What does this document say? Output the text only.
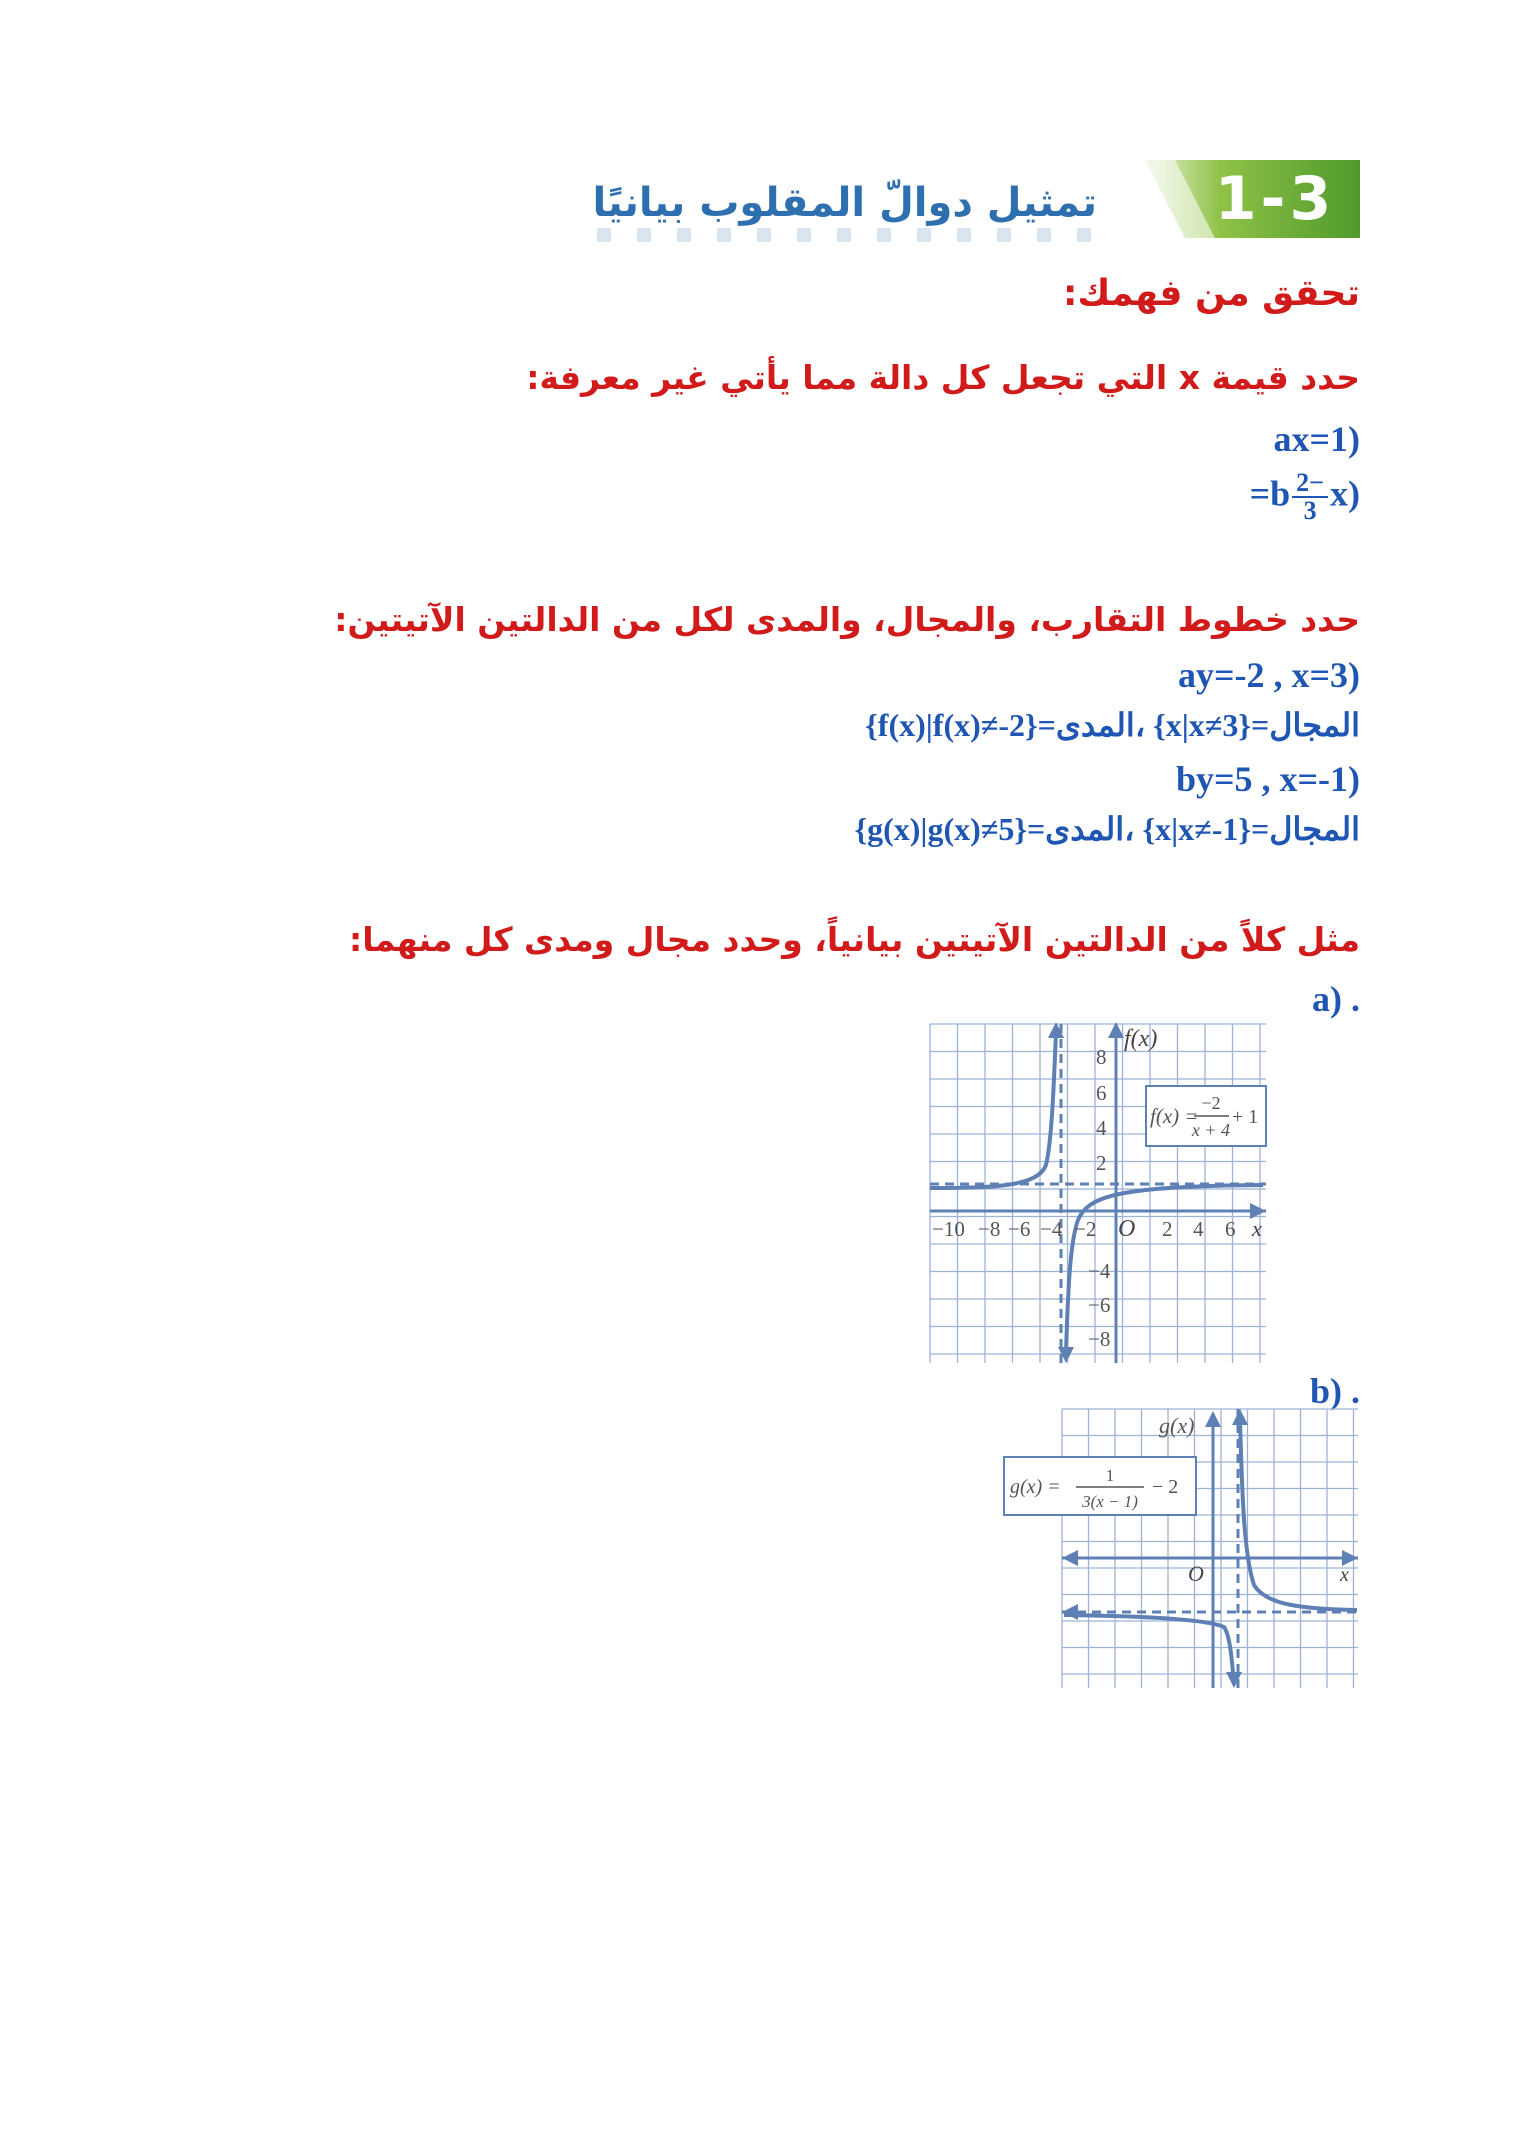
1-3
تمثيل دوالّ المقلوب بيانيًا
تحقق من فهمك:
حدد قيمة x التي تجعل كل دالة مما يأتي غير معرفة:
(ax=1
(b
$\frac{-2}{3}$
x=
حدد خطوط التقارب، والمجال، والمدى لكل من الدالتين الآتيتين:
(ay=-2 , x=3
المجال={x|x≠3} ،المدى={f(x)|f(x)≠-2}
(by=5 , x=-1
المجال={x|x≠-1} ،المدى={g(x)|g(x)≠5}
مثل كلاً من الدالتين الآتيتين بيانياً، وحدد مجال ومدى كل منهما:
. (a
−10 −8 −6 −4 −2	2 4 6
8
6
4
2
−4
−6
−8
O	x
f(x)
f(x) =
−2
x + 4
+ 1
. (b
g(x)
O	x
g(x) =
1
3(x − 1)
− 2
